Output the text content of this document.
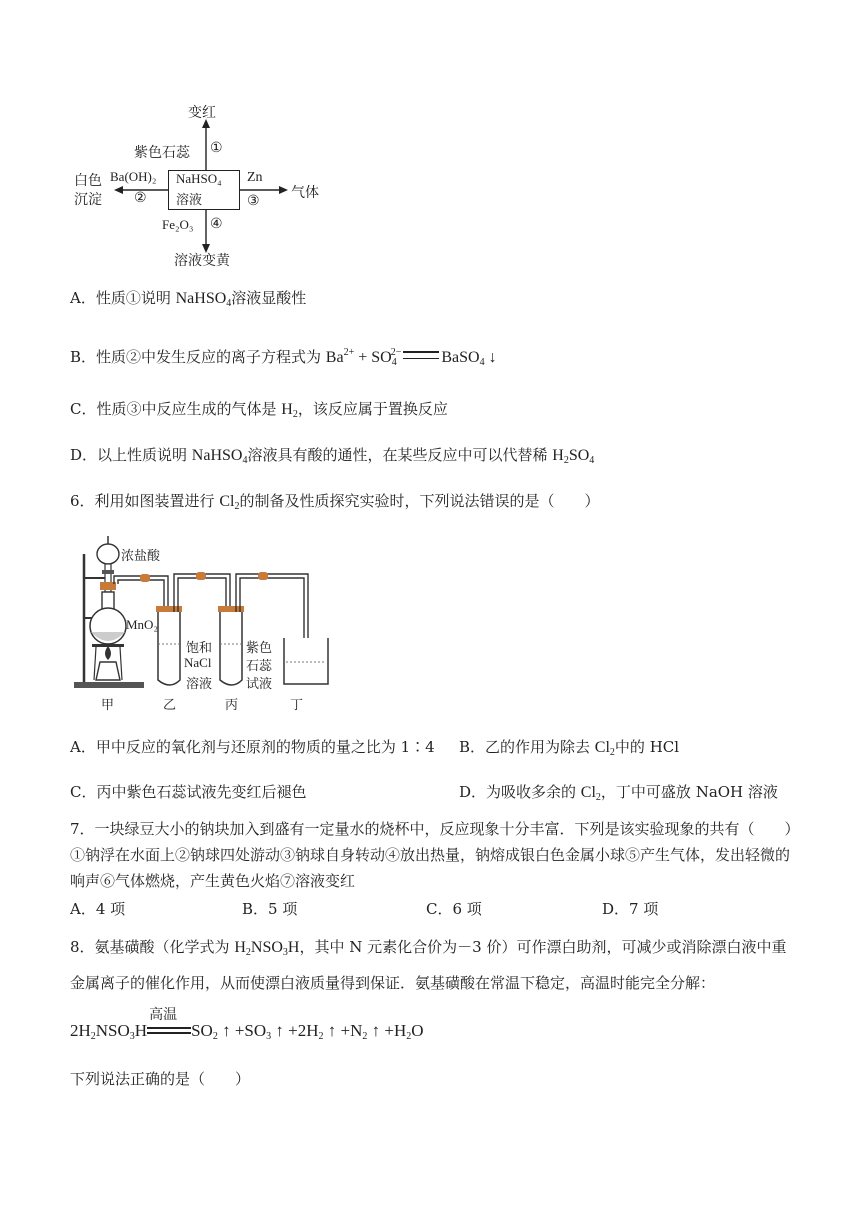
变红
紫色石蕊 ①
NaHSO₄
溶液
白色
沉淀
Ba(OH)₂
②
Zn
③ 气体
Fe₂O₃ ④
溶液变黄
A．性质①说明 NaHSO$_4$溶液显酸性
B．性质②中发生反应的离子方程式为 $Ba^{2+} + SO_4^{2-}$	BaSO$_4$ ↓
C．性质③中反应生成的气体是 $H_2$，该反应属于置换反应
D．以上性质说明 NaHSO$_4$溶液具有酸的通性，在某些反应中可以代替稀 $H_2SO_4$
6．利用如图装置进行 $Cl_2$的制备及性质探究实验时，下列说法错误的是（　　）
浓盐酸
MnO₂
饱和
NaCl
溶液
紫色
石蕊
试液
甲	乙	丙	丁
A．甲中反应的氧化剂与还原剂的物质的量之比为 1∶4 B．乙的作用为除去 $Cl_2$中的 HCl
C．丙中紫色石蕊试液先变红后褪色	D．为吸收多余的 $Cl_2$，丁中可盛放 NaOH 溶液
7．一块绿豆大小的钠块加入到盛有一定量水的烧杯中，反应现象十分丰富．下列是该实验现象的共有（　　）
①钠浮在水面上②钠球四处游动③钠球自身转动④放出热量，钠熔成银白色金属小球⑤产生气体，发出轻微的
响声⑥气体燃烧，产生黄色火焰⑦溶液变红
A．4 项	B．5 项	C．6 项	D．7 项
8．氨基磺酸（化学式为 $H_2NSO_3H$，其中 N 元素化合价为－3 价）可作漂白助剂，可减少或消除漂白液中重
金属离子的催化作用，从而使漂白液质量得到保证．氨基磺酸在常温下稳定，高温时能完全分解：
$2H_2NSO_3H$
高温
$SO_2$ ↑ $+SO_3$ ↑ $+2H_2$ ↑ $+N_2$ ↑ $+H_2O$
下列说法正确的是（　　）
